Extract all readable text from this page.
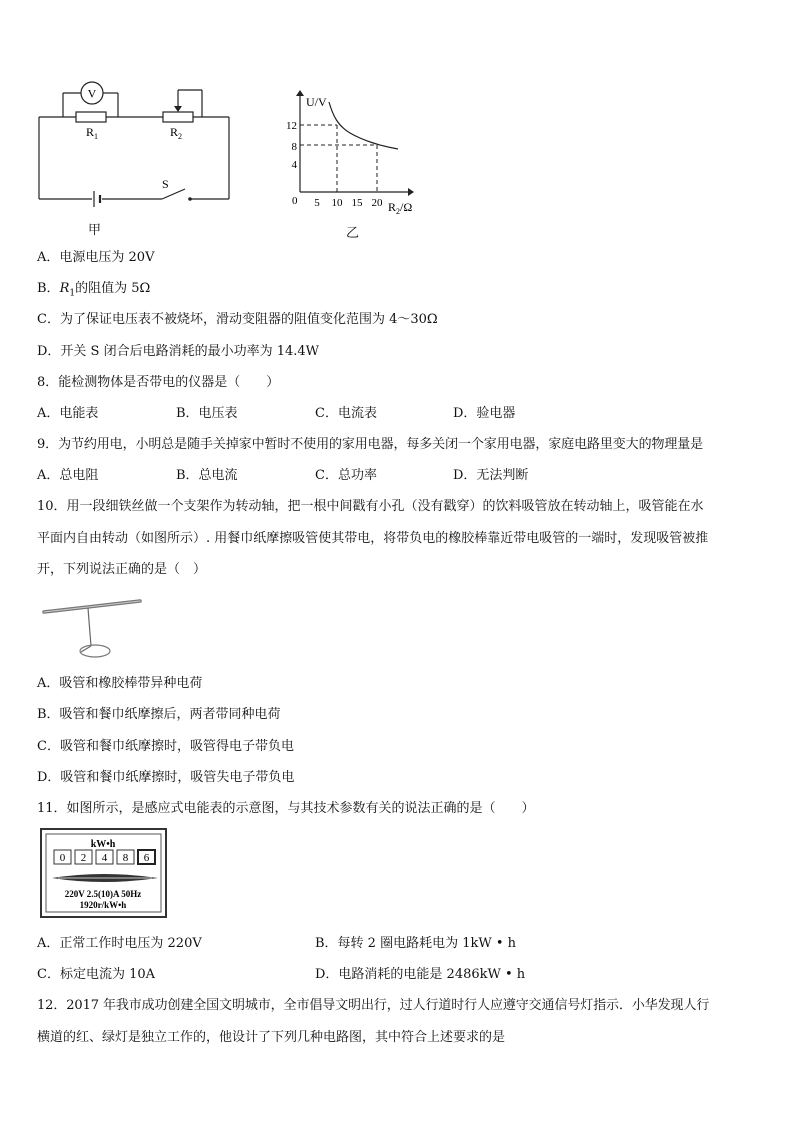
V
$R_1$	$R_2$
S
甲
U/V
$R_2/\Omega$
0 5 10 15 20
12
8
4
乙
A．电源电压为 20V
B．$R_1$的阻值为 5Ω
C．为了保证电压表不被烧坏，滑动变阻器的阻值变化范围为 4～30Ω
D．开关 S 闭合后电路消耗的最小功率为 14.4W
8．能检测物体是否带电的仪器是（　　）
A．电能表	B．电压表	C．电流表	D．验电器
9．为节约用电，小明总是随手关掉家中暂时不使用的家用电器，每多关闭一个家用电器，家庭电路里变大的物理量是
A．总电阻	B．总电流	C．总功率	D．无法判断
10．用一段细铁丝做一个支架作为转动轴，把一根中间戳有小孔（没有戳穿）的饮料吸管放在转动轴上，吸管能在水
平面内自由转动（如图所示）. 用餐巾纸摩擦吸管使其带电，将带负电的橡胶棒靠近带电吸管的一端时，发现吸管被推
开，下列说法正确的是（　）
A．吸管和橡胶棒带异种电荷
B．吸管和餐巾纸摩擦后，两者带同种电荷
C．吸管和餐巾纸摩擦时，吸管得电子带负电
D．吸管和餐巾纸摩擦时，吸管失电子带负电
11．如图所示，是感应式电能表的示意图，与其技术参数有关的说法正确的是（　　）
kW•h
0 2 4 8 6
220V 2.5(10)A 50Hz
1920r/kW•h
A．正常工作时电压为 220V	B．每转 2 圈电路耗电为 1kW • h
C．标定电流为 10A	D．电路消耗的电能是 2486kW • h
12．2017 年我市成功创建全国文明城市，全市倡导文明出行，过人行道时行人应遵守交通信号灯指示．小华发现人行
横道的红、绿灯是独立工作的，他设计了下列几种电路图，其中符合上述要求的是
